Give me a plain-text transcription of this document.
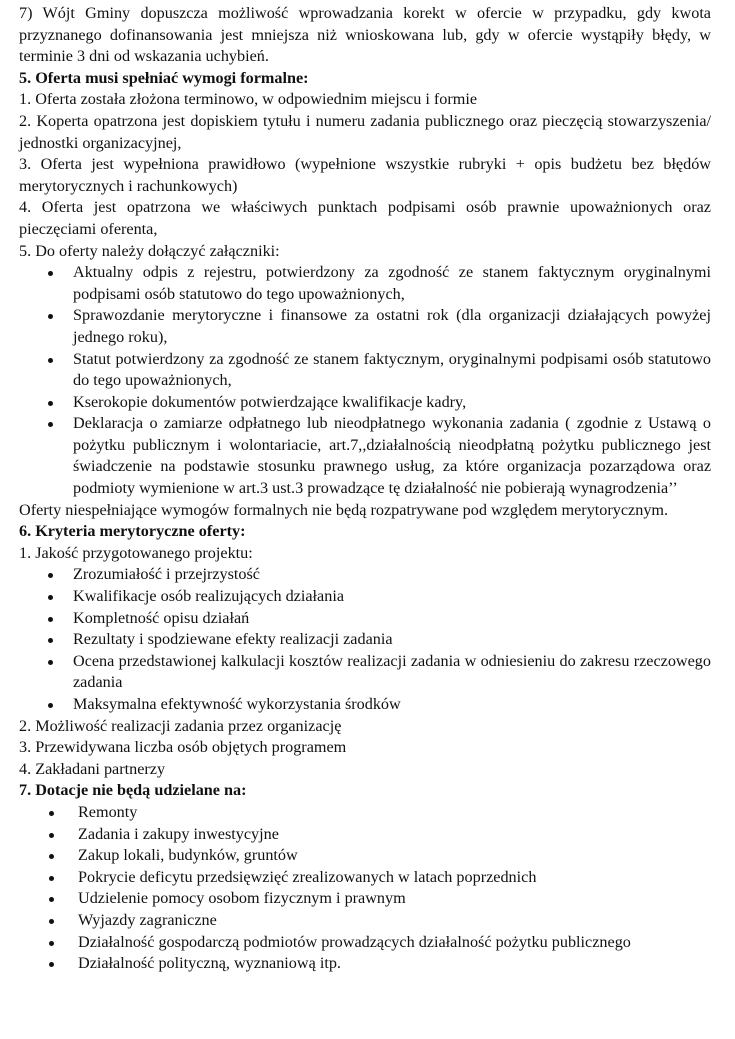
7) Wójt Gminy dopuszcza możliwość wprowadzania korekt w ofercie w przypadku, gdy kwota przyznanego dofinansowania jest mniejsza niż wnioskowana lub, gdy w ofercie wystąpiły błędy, w terminie 3 dni od wskazania uchybień.

5. Oferta musi spełniać wymogi formalne:

1. Oferta została złożona terminowo, w odpowiednim miejscu i formie

2. Koperta opatrzona jest dopiskiem tytułu i numeru zadania publicznego oraz pieczęcią stowarzyszenia/ jednostki organizacyjnej,

3. Oferta jest wypełniona prawidłowo (wypełnione wszystkie rubryki + opis budżetu bez błędów merytorycznych i rachunkowych)

4. Oferta jest opatrzona we właściwych punktach podpisami osób prawnie upoważnionych oraz pieczęciami oferenta,

5. Do oferty należy dołączyć załączniki:

Aktualny odpis z rejestru, potwierdzony za zgodność ze stanem faktycznym oryginalnymi podpisami osób statutowo do tego upoważnionych,
Sprawozdanie merytoryczne i finansowe za ostatni rok (dla organizacji działających powyżej jednego roku),
Statut potwierdzony za zgodność ze stanem faktycznym, oryginalnymi podpisami osób statutowo do tego upoważnionych,
Kserokopie dokumentów potwierdzające kwalifikacje kadry,
Deklaracja o zamiarze odpłatnego lub nieodpłatnego wykonania zadania ( zgodnie z Ustawą o pożytku publicznym i wolontariacie, art.7,,działalnością nieodpłatną pożytku publicznego jest świadczenie na podstawie stosunku prawnego usług, za które organizacja pozarządowa oraz podmioty wymienione w art.3 ust.3 prowadzące tę działalność nie pobierają wynagrodzenia’’

Oferty niespełniające wymogów formalnych nie będą rozpatrywane pod względem merytorycznym.

6. Kryteria merytoryczne oferty:

1. Jakość przygotowanego projektu:

Zrozumiałość i przejrzystość
Kwalifikacje osób realizujących działania
Kompletność opisu działań
Rezultaty i spodziewane efekty realizacji zadania
Ocena przedstawionej kalkulacji kosztów realizacji zadania w odniesieniu do zakresu rzeczowego zadania
Maksymalna efektywność wykorzystania środków

2. Możliwość realizacji zadania przez organizację

3. Przewidywana liczba osób objętych programem

4. Zakładani partnerzy

7. Dotacje nie będą udzielane na:
Remonty
Zadania i zakupy inwestycyjne
Zakup lokali, budynków, gruntów
Pokrycie deficytu przedsięwzięć zrealizowanych w latach poprzednich
Udzielenie pomocy osobom fizycznym i prawnym
Wyjazdy zagraniczne
Działalność gospodarczą podmiotów prowadzących działalność pożytku publicznego
Działalność polityczną, wyznaniową itp.
